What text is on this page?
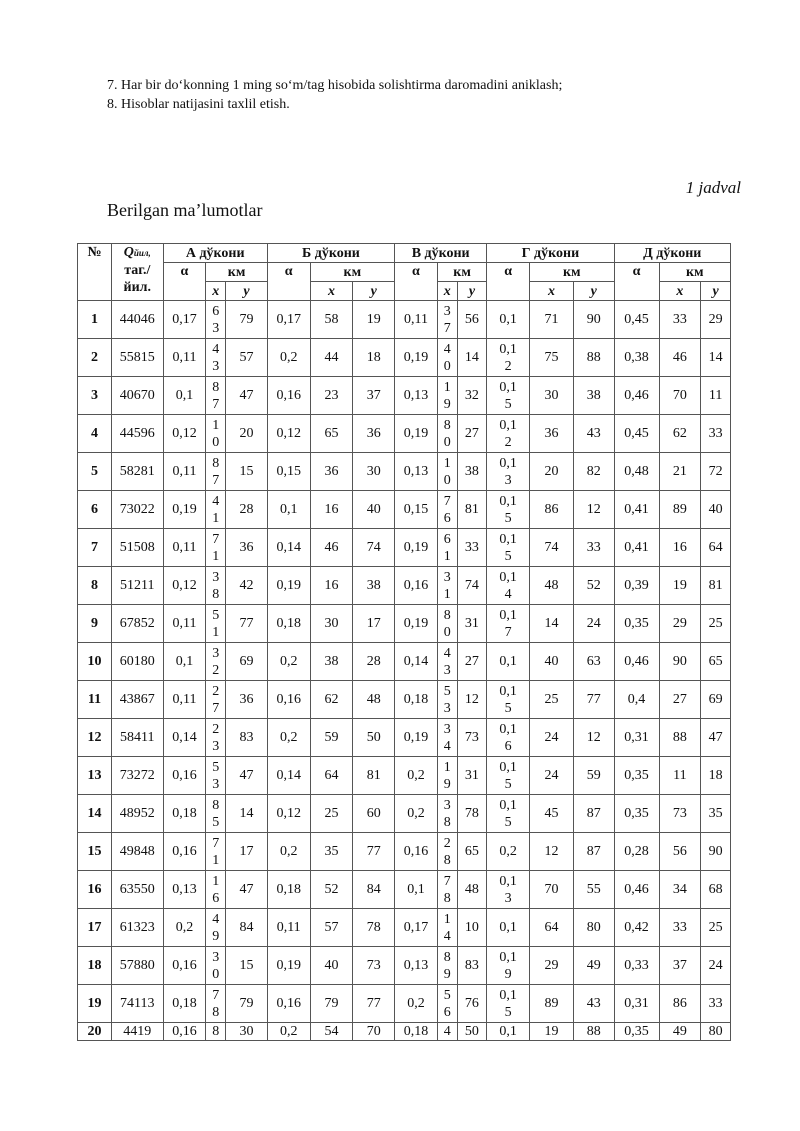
7. Har bir do‘konning 1 ming so‘m/tag hisobida solishtirma daromadini aniklash;
8. Hisoblar natijasini taxlil etish.
1 jadval
Berilgan ma’lumotlar
№	Qйил,
таг./
йил.	А дўкони			Б дўкони			В дўкони			Г дўкони			Д дўкони		
		α	км		α	км		α	км		α	км		α	км	
			x	y		x	y		x	y		x	y		x	y
1	44046	0,17	63	79	0,17	58	19	0,11	37	56	0,1	71	90	0,45	33	29
2	55815	0,11	43	57	0,2	44	18	0,19	40	14	0,12	75	88	0,38	46	14
3	40670	0,1	87	47	0,16	23	37	0,13	19	32	0,15	30	38	0,46	70	11
4	44596	0,12	10	20	0,12	65	36	0,19	80	27	0,12	36	43	0,45	62	33
5	58281	0,11	87	15	0,15	36	30	0,13	10	38	0,13	20	82	0,48	21	72
6	73022	0,19	41	28	0,1	16	40	0,15	76	81	0,15	86	12	0,41	89	40
7	51508	0,11	71	36	0,14	46	74	0,19	61	33	0,15	74	33	0,41	16	64
8	51211	0,12	38	42	0,19	16	38	0,16	31	74	0,14	48	52	0,39	19	81
9	67852	0,11	51	77	0,18	30	17	0,19	80	31	0,17	14	24	0,35	29	25
10	60180	0,1	32	69	0,2	38	28	0,14	43	27	0,1	40	63	0,46	90	65
11	43867	0,11	27	36	0,16	62	48	0,18	53	12	0,15	25	77	0,4	27	69
12	58411	0,14	23	83	0,2	59	50	0,19	34	73	0,16	24	12	0,31	88	47
13	73272	0,16	53	47	0,14	64	81	0,2	19	31	0,15	24	59	0,35	11	18
14	48952	0,18	85	14	0,12	25	60	0,2	38	78	0,15	45	87	0,35	73	35
15	49848	0,16	71	17	0,2	35	77	0,16	28	65	0,2	12	87	0,28	56	90
16	63550	0,13	16	47	0,18	52	84	0,1	78	48	0,13	70	55	0,46	34	68
17	61323	0,2	49	84	0,11	57	78	0,17	14	10	0,1	64	80	0,42	33	25
18	57880	0,16	30	15	0,19	40	73	0,13	89	83	0,19	29	49	0,33	37	24
19	74113	0,18	78	79	0,16	79	77	0,2	56	76	0,15	89	43	0,31	86	33
20	4419	0,16	8	30	0,2	54	70	0,18	4	50	0,1	19	88	0,35	49	80
